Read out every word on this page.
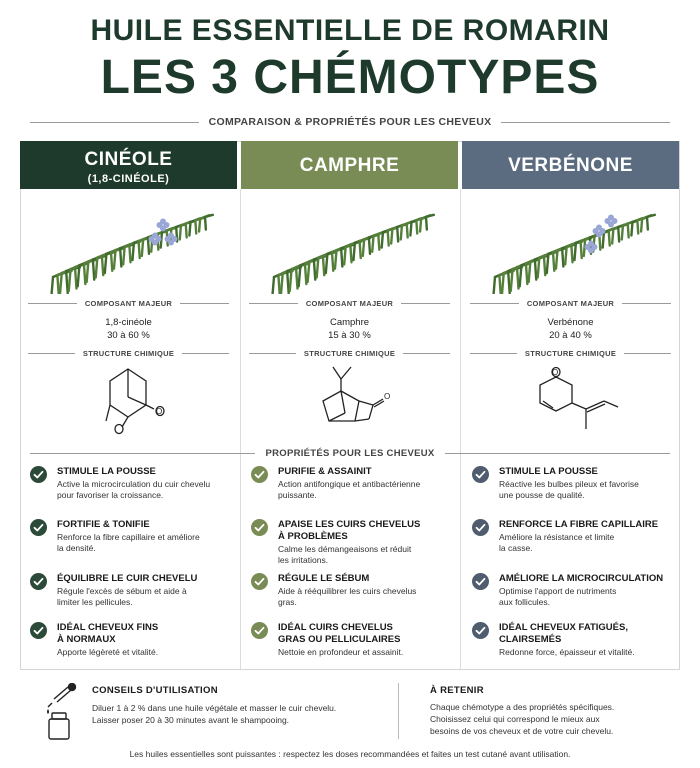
HUILE ESSENTIELLE DE ROMARIN
LES 3 CHÉMOTYPES
COMPARAISON & PROPRIÉTÉS POUR LES CHEVEUX
CINÉOLE
(1,8-CINÉOLE)
COMPOSANT MAJEUR
1,8-cinéole
30 à 60 %
STRUCTURE CHIMIQUE
O
STIMULE LA POUSSE
Active la microcirculation du cuir chevelu
pour favoriser la croissance.
FORTIFIE & TONIFIE
Renforce la fibre capillaire et améliore
la densité.
ÉQUILIBRE LE CUIR CHEVELU
Régule l'excès de sébum et aide à
limiter les pellicules.
IDÉAL CHEVEUX FINS
À NORMAUX
Apporte légèreté et vitalité.
CAMPHRE
COMPOSANT MAJEUR
Camphre
15 à 30 %
STRUCTURE CHIMIQUE
O
PURIFIE & ASSAINIT
Action antifongique et antibactérienne
puissante.
APAISE LES CUIRS CHEVELUS
À PROBLÈMES
Calme les démangeaisons et réduit
les irritations.
RÉGULE LE SÉBUM
Aide à rééquilibrer les cuirs chevelus
gras.
IDÉAL CUIRS CHEVELUS
GRAS OU PELLICULAIRES
Nettoie en profondeur et assainit.
VERBÉNONE
COMPOSANT MAJEUR
Verbénone
20 à 40 %
STRUCTURE CHIMIQUE
O
STIMULE LA POUSSE
Réactive les bulbes pileux et favorise
une pousse de qualité.
RENFORCE LA FIBRE CAPILLAIRE
Améliore la résistance et limite
la casse.
AMÉLIORE LA MICROCIRCULATION
Optimise l'apport de nutriments
aux follicules.
IDÉAL CHEVEUX FATIGUÉS,
CLAIRSEMÉS
Redonne force, épaisseur et vitalité.
PROPRIÉTÉS POUR LES CHEVEUX
CONSEILS D'UTILISATION
Diluer 1 à 2 % dans une huile végétale et masser le cuir chevelu.
Laisser poser 20 à 30 minutes avant le shampooing.
À RETENIR
Chaque chémotype a des propriétés spécifiques.
Choisissez celui qui correspond le mieux aux
besoins de vos cheveux et de votre cuir chevelu.
Les huiles essentielles sont puissantes : respectez les doses recommandées et faites un test cutané avant utilisation.
